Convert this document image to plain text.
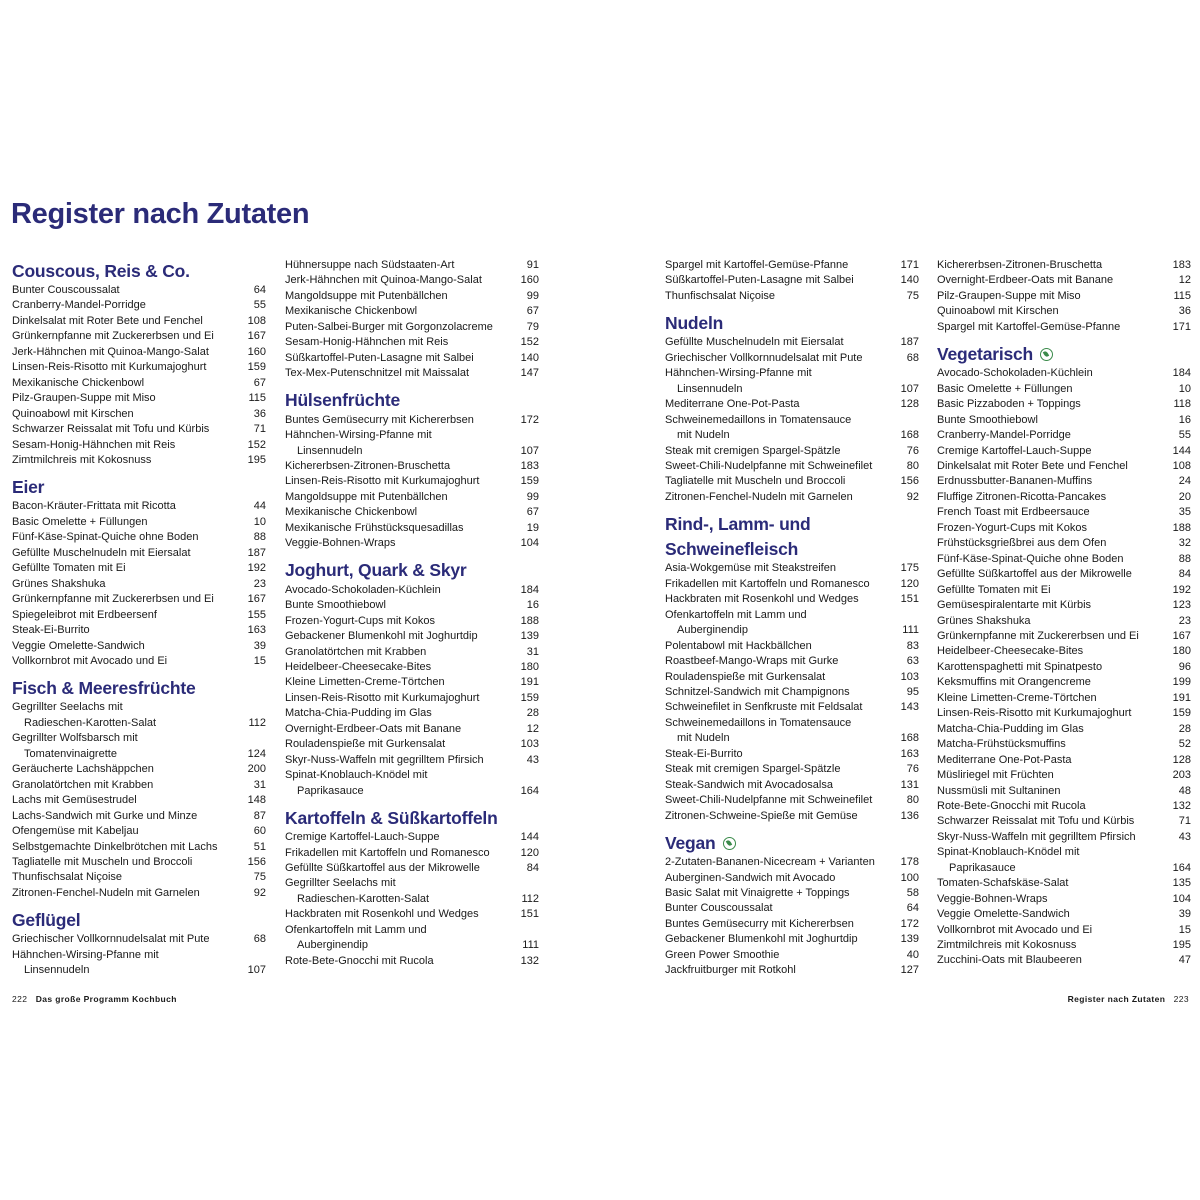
Register nach Zutaten
Couscous, Reis & Co.
Bunter Couscoussalat	64
Cranberry-Mandel-Porridge	55
Dinkelsalat mit Roter Bete und Fenchel	108
Grünkernpfanne mit Zuckererbsen und Ei	167
Jerk-Hähnchen mit Quinoa-Mango-Salat	160
Linsen-Reis-Risotto mit Kurkumajoghurt	159
Mexikanische Chickenbowl	67
Pilz-Graupen-Suppe mit Miso	115
Quinoabowl mit Kirschen	36
Schwarzer Reissalat mit Tofu und Kürbis	71
Sesam-Honig-Hähnchen mit Reis	152
Zimtmilchreis mit Kokosnuss	195
Eier
Bacon-Kräuter-Frittata mit Ricotta	44
Basic Omelette + Füllungen	10
Fünf-Käse-Spinat-Quiche ohne Boden	88
Gefüllte Muschelnudeln mit Eiersalat	187
Gefüllte Tomaten mit Ei	192
Grünes Shakshuka	23
Grünkernpfanne mit Zuckererbsen und Ei	167
Spiegeleibrot mit Erdbeersenf	155
Steak-Ei-Burrito	163
Veggie Omelette-Sandwich	39
Vollkornbrot mit Avocado und Ei	15
Fisch & Meeresfrüchte
Gegrillter Seelachs mit
Radieschen-Karotten-Salat	112
Gegrillter Wolfsbarsch mit
Tomatenvinaigrette	124
Geräucherte Lachshäppchen	200
Granolatörtchen mit Krabben	31
Lachs mit Gemüsestrudel	148
Lachs-Sandwich mit Gurke und Minze	87
Ofengemüse mit Kabeljau	60
Selbstgemachte Dinkelbrötchen mit Lachs	51
Tagliatelle mit Muscheln und Broccoli	156
Thunfischsalat Niçoise	75
Zitronen-Fenchel-Nudeln mit Garnelen	92
Geflügel
Griechischer Vollkornnudelsalat mit Pute	68
Hähnchen-Wirsing-Pfanne mit
Linsennudeln	107
Hühnersuppe nach Südstaaten-Art	91
Jerk-Hähnchen mit Quinoa-Mango-Salat	160
Mangoldsuppe mit Putenbällchen	99
Mexikanische Chickenbowl	67
Puten-Salbei-Burger mit Gorgonzolacreme	79
Sesam-Honig-Hähnchen mit Reis	152
Süßkartoffel-Puten-Lasagne mit Salbei	140
Tex-Mex-Putenschnitzel mit Maissalat	147
Hülsenfrüchte
Buntes Gemüsecurry mit Kichererbsen	172
Hähnchen-Wirsing-Pfanne mit
Linsennudeln	107
Kichererbsen-Zitronen-Bruschetta	183
Linsen-Reis-Risotto mit Kurkumajoghurt	159
Mangoldsuppe mit Putenbällchen	99
Mexikanische Chickenbowl	67
Mexikanische Frühstücksquesadillas	19
Veggie-Bohnen-Wraps	104
Joghurt, Quark & Skyr
Avocado-Schokoladen-Küchlein	184
Bunte Smoothiebowl	16
Frozen-Yogurt-Cups mit Kokos	188
Gebackener Blumenkohl mit Joghurtdip	139
Granolatörtchen mit Krabben	31
Heidelbeer-Cheesecake-Bites	180
Kleine Limetten-Creme-Törtchen	191
Linsen-Reis-Risotto mit Kurkumajoghurt	159
Matcha-Chia-Pudding im Glas	28
Overnight-Erdbeer-Oats mit Banane	12
Rouladenspieße mit Gurkensalat	103
Skyr-Nuss-Waffeln mit gegrilltem Pfirsich	43
Spinat-Knoblauch-Knödel mit
Paprikasauce	164
Kartoffeln & Süßkartoffeln
Cremige Kartoffel-Lauch-Suppe	144
Frikadellen mit Kartoffeln und Romanesco	120
Gefüllte Süßkartoffel aus der Mikrowelle	84
Gegrillter Seelachs mit
Radieschen-Karotten-Salat	112
Hackbraten mit Rosenkohl und Wedges	151
Ofenkartoffeln mit Lamm und
Auberginendip	111
Rote-Bete-Gnocchi mit Rucola	132
Spargel mit Kartoffel-Gemüse-Pfanne	171
Süßkartoffel-Puten-Lasagne mit Salbei	140
Thunfischsalat Niçoise	75
Nudeln
Gefüllte Muschelnudeln mit Eiersalat	187
Griechischer Vollkornnudelsalat mit Pute	68
Hähnchen-Wirsing-Pfanne mit
Linsennudeln	107
Mediterrane One-Pot-Pasta	128
Schweinemedaillons in Tomatensauce
mit Nudeln	168
Steak mit cremigen Spargel-Spätzle	76
Sweet-Chili-Nudelpfanne mit Schweinefilet	80
Tagliatelle mit Muscheln und Broccoli	156
Zitronen-Fenchel-Nudeln mit Garnelen	92
Rind-, Lamm- und
Schweinefleisch
Asia-Wokgemüse mit Steakstreifen	175
Frikadellen mit Kartoffeln und Romanesco	120
Hackbraten mit Rosenkohl und Wedges	151
Ofenkartoffeln mit Lamm und
Auberginendip	111
Polentabowl mit Hackbällchen	83
Roastbeef-Mango-Wraps mit Gurke	63
Rouladenspieße mit Gurkensalat	103
Schnitzel-Sandwich mit Champignons	95
Schweinefilet in Senfkruste mit Feldsalat	143
Schweinemedaillons in Tomatensauce
mit Nudeln	168
Steak-Ei-Burrito	163
Steak mit cremigen Spargel-Spätzle	76
Steak-Sandwich mit Avocadosalsa	131
Sweet-Chili-Nudelpfanne mit Schweinefilet	80
Zitronen-Schweine-Spieße mit Gemüse	136
Vegan
2-Zutaten-Bananen-Nicecream + Varianten	178
Auberginen-Sandwich mit Avocado	100
Basic Salat mit Vinaigrette + Toppings	58
Bunter Couscoussalat	64
Buntes Gemüsecurry mit Kichererbsen	172
Gebackener Blumenkohl mit Joghurtdip	139
Green Power Smoothie	40
Jackfruitburger mit Rotkohl	127
Kichererbsen-Zitronen-Bruschetta	183
Overnight-Erdbeer-Oats mit Banane	12
Pilz-Graupen-Suppe mit Miso	115
Quinoabowl mit Kirschen	36
Spargel mit Kartoffel-Gemüse-Pfanne	171
Vegetarisch
Avocado-Schokoladen-Küchlein	184
Basic Omelette + Füllungen	10
Basic Pizzaboden + Toppings	118
Bunte Smoothiebowl	16
Cranberry-Mandel-Porridge	55
Cremige Kartoffel-Lauch-Suppe	144
Dinkelsalat mit Roter Bete und Fenchel	108
Erdnussbutter-Bananen-Muffins	24
Fluffige Zitronen-Ricotta-Pancakes	20
French Toast mit Erdbeersauce	35
Frozen-Yogurt-Cups mit Kokos	188
Frühstücksgrießbrei aus dem Ofen	32
Fünf-Käse-Spinat-Quiche ohne Boden	88
Gefüllte Süßkartoffel aus der Mikrowelle	84
Gefüllte Tomaten mit Ei	192
Gemüsespiralentarte mit Kürbis	123
Grünes Shakshuka	23
Grünkernpfanne mit Zuckererbsen und Ei	167
Heidelbeer-Cheesecake-Bites	180
Karottenspaghetti mit Spinatpesto	96
Keksmuffins mit Orangencreme	199
Kleine Limetten-Creme-Törtchen	191
Linsen-Reis-Risotto mit Kurkumajoghurt	159
Matcha-Chia-Pudding im Glas	28
Matcha-Frühstücksmuffins	52
Mediterrane One-Pot-Pasta	128
Müsliriegel mit Früchten	203
Nussmüsli mit Sultaninen	48
Rote-Bete-Gnocchi mit Rucola	132
Schwarzer Reissalat mit Tofu und Kürbis	71
Skyr-Nuss-Waffeln mit gegrilltem Pfirsich	43
Spinat-Knoblauch-Knödel mit
Paprikasauce	164
Tomaten-Schafskäse-Salat	135
Veggie-Bohnen-Wraps	104
Veggie Omelette-Sandwich	39
Vollkornbrot mit Avocado und Ei	15
Zimtmilchreis mit Kokosnuss	195
Zucchini-Oats mit Blaubeeren	47
222 Das große Programm Kochbuch	Register nach Zutaten 223
